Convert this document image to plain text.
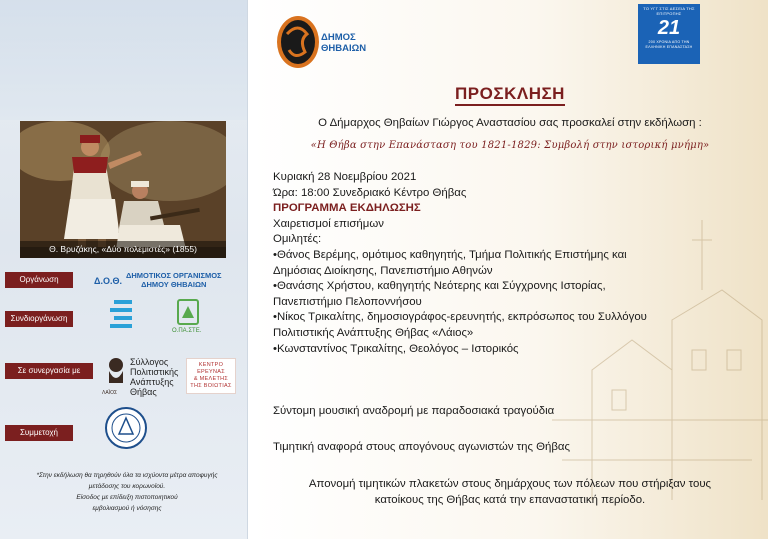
Θ. Βρυζάκης, «Δύο πολεμιστές» (1855)
Οργάνωση	Δ.Ο.Θ.
ΔΗΜΟΤΙΚΟΣ ΟΡΓΑΝΙΣΜΟΣ
ΔΗΜΟΥ ΘΗΒΑΙΩΝ
Συνδιοργάνωση
Ο.ΠΑ.ΣΤΕ.
Σε συνεργασία με
ΛΑΪΟΣ
Σύλλογος
Πολιτιστικής
Ανάπτυξης
Θήβας
ΚΕΝΤΡΟ
ΕΡΕΥΝΑΣ
& ΜΕΛΕΤΗΣ
ΤΗΣ ΒΟΙΩΤΙΑΣ
Συμμετοχή
*Στην εκδήλωση θα τηρηθούν όλα τα ισχύοντα μέτρα αποφυγής
μετάδοσης του κορωνοϊού.
Είσοδος με επίδειξη πιστοποιητικού
εμβολιασμού ή νόσησης
ΔΗΜΟΣ
ΘΗΒΑΙΩΝ
ΤΟ ΥΓΓ ΣΤΙΣ ΔΕΣΕΙΑ ΤΗΣ ΕΠΙΤΡΟΠΗΣ
21
200 ΧΡΟΝΙΑ ΑΠΟ ΤΗΝ ΕΛΛΗΝΙΚΗ ΕΠΑΝΑΣΤΑΣΗ
ΠΡΟΣΚΛΗΣΗ
Ο Δήμαρχος Θηβαίων Γιώργος Αναστασίου σας προσκαλεί στην εκδήλωση :
«Η Θήβα στην Επανάσταση του 1821-1829: Συμβολή στην ιστορική μνήμη»
Κυριακή 28 Νοεμβρίου 2021
Ώρα: 18:00 Συνεδριακό Κέντρο Θήβας
ΠΡΟΓΡΑΜΜΑ ΕΚΔΗΛΩΣΗΣ
Χαιρετισμοί επισήμων
Ομιλητές:
•Θάνος Βερέμης, ομότιμος καθηγητής, Τμήμα Πολιτικής Επιστήμης και
Δημόσιας Διοίκησης, Πανεπιστήμιο Αθηνών
•Θανάσης Χρήστου, καθηγητής Νεότερης και Σύγχρονης Ιστορίας,
Πανεπιστήμιο Πελοποννήσου
•Νίκος Τρικαλίτης, δημοσιογράφος-ερευνητής, εκπρόσωπος του Συλλόγου
Πολιτιστικής Ανάπτυξης Θήβας «Λάιος»
•Κωνσταντίνος Τρικαλίτης, Θεολόγος – Ιστορικός
Σύντομη μουσική αναδρομή με παραδοσιακά τραγούδια
Τιμητική αναφορά στους απογόνους αγωνιστών της Θήβας
Απονομή τιμητικών πλακετών στους δημάρχους των πόλεων που στήριξαν τους
κατοίκους της Θήβας κατά την επαναστατική περίοδο.
